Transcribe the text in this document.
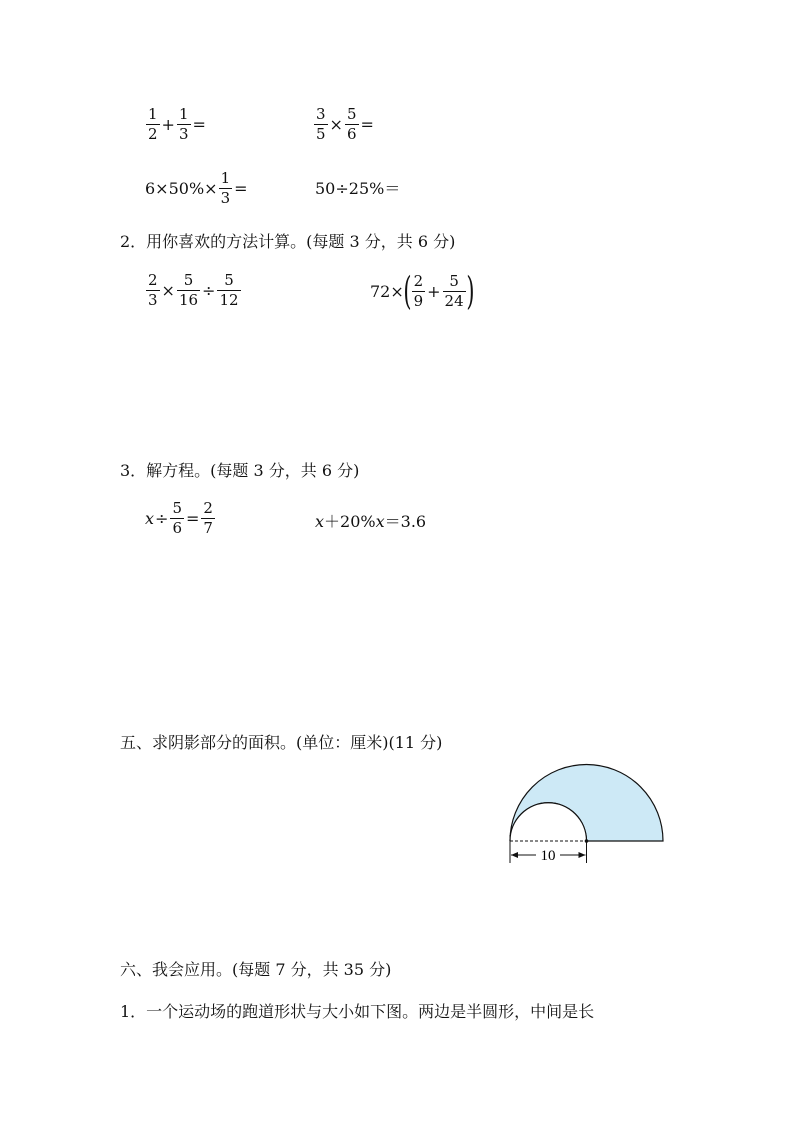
$\frac{1}{2} + \frac{1}{3}$ =	$\frac{3}{5} \times \frac{5}{6}$ =
$6\times 50\%\times \frac{1}{3}$ =	50÷25%＝
2．用你喜欢的方法计算。(每题 3 分，共 6 分)
$\frac{2}{3} \times \frac{5}{16} \div \frac{5}{12}$	72× ( $\frac{2}{9} + \frac{5}{24}$ )
3．解方程。(每题 3 分，共 6 分)
$x \div \frac{5}{6} = \frac{2}{7}$	x＋20%x＝3.6
五、求阴影部分的面积。(单位：厘米)(11 分)
10
六、我会应用。(每题 7 分，共 35 分)
1．一个运动场的跑道形状与大小如下图。两边是半圆形，中间是长
